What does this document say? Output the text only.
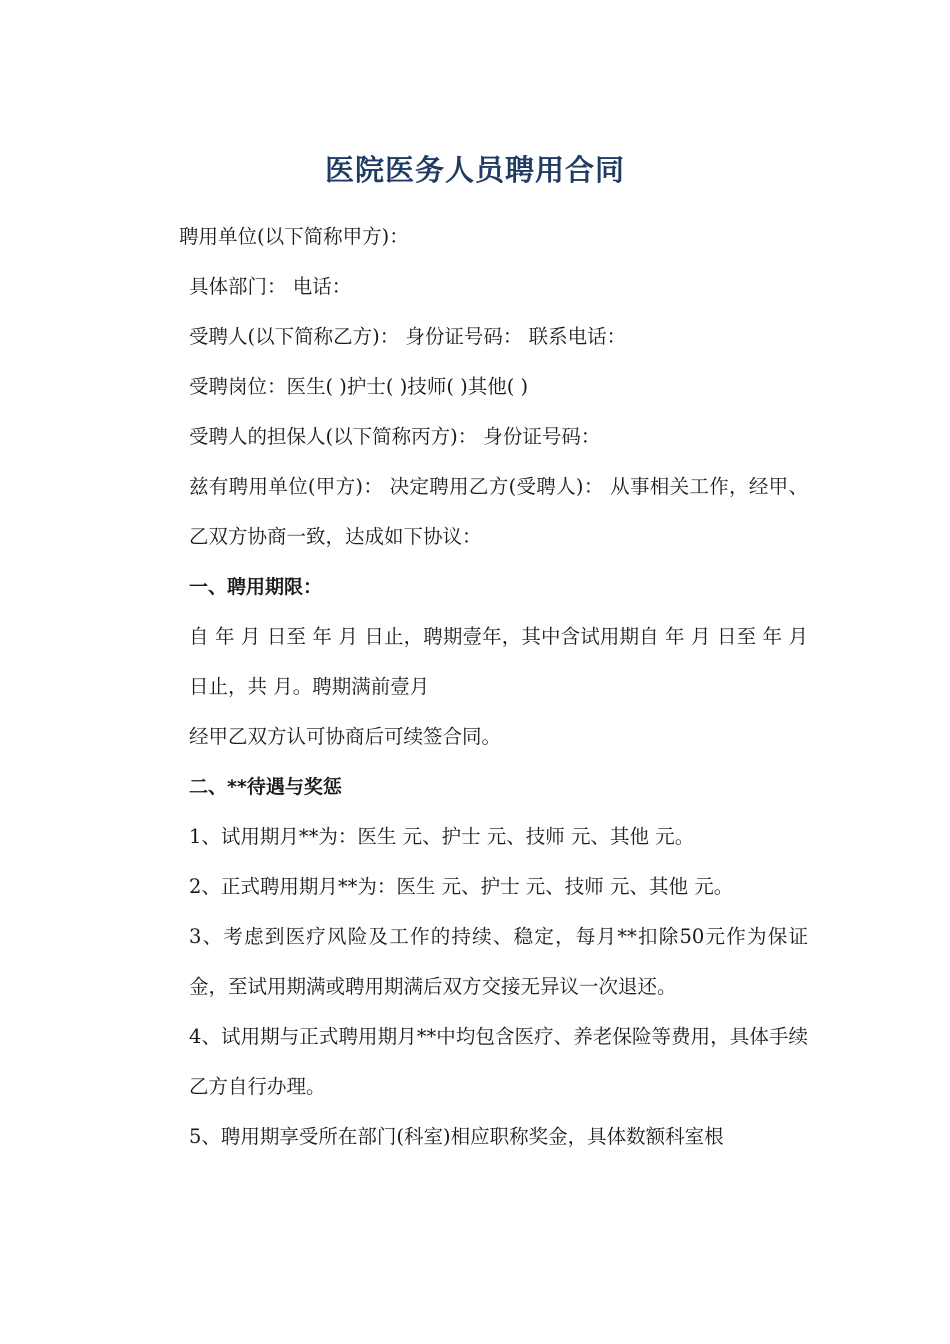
医院医务人员聘用合同

聘用单位(以下简称甲方)：

具体部门： 电话：

受聘人(以下简称乙方)： 身份证号码： 联系电话：

受聘岗位：医生( )护士( )技师( )其他( )

受聘人的担保人(以下简称丙方)： 身份证号码：

兹有聘用单位(甲方)： 决定聘用乙方(受聘人)： 从事相关工作，经甲、乙双方协商一致，达成如下协议：

一、聘用期限：

自 年 月 日至 年 月 日止，聘期壹年，其中含试用期自 年 月 日至 年 月 日止，共 月。聘期满前壹月

经甲乙双方认可协商后可续签合同。

二、**待遇与奖惩

1、试用期月**为：医生 元、护士 元、技师 元、其他 元。

2、正式聘用期月**为：医生 元、护士 元、技师 元、其他 元。

3、考虑到医疗风险及工作的持续、稳定，每月**扣除50元作为保证金，至试用期满或聘用期满后双方交接无异议一次退还。

4、试用期与正式聘用期月**中均包含医疗、养老保险等费用，具体手续乙方自行办理。

5、聘用期享受所在部门(科室)相应职称奖金，具体数额科室根
